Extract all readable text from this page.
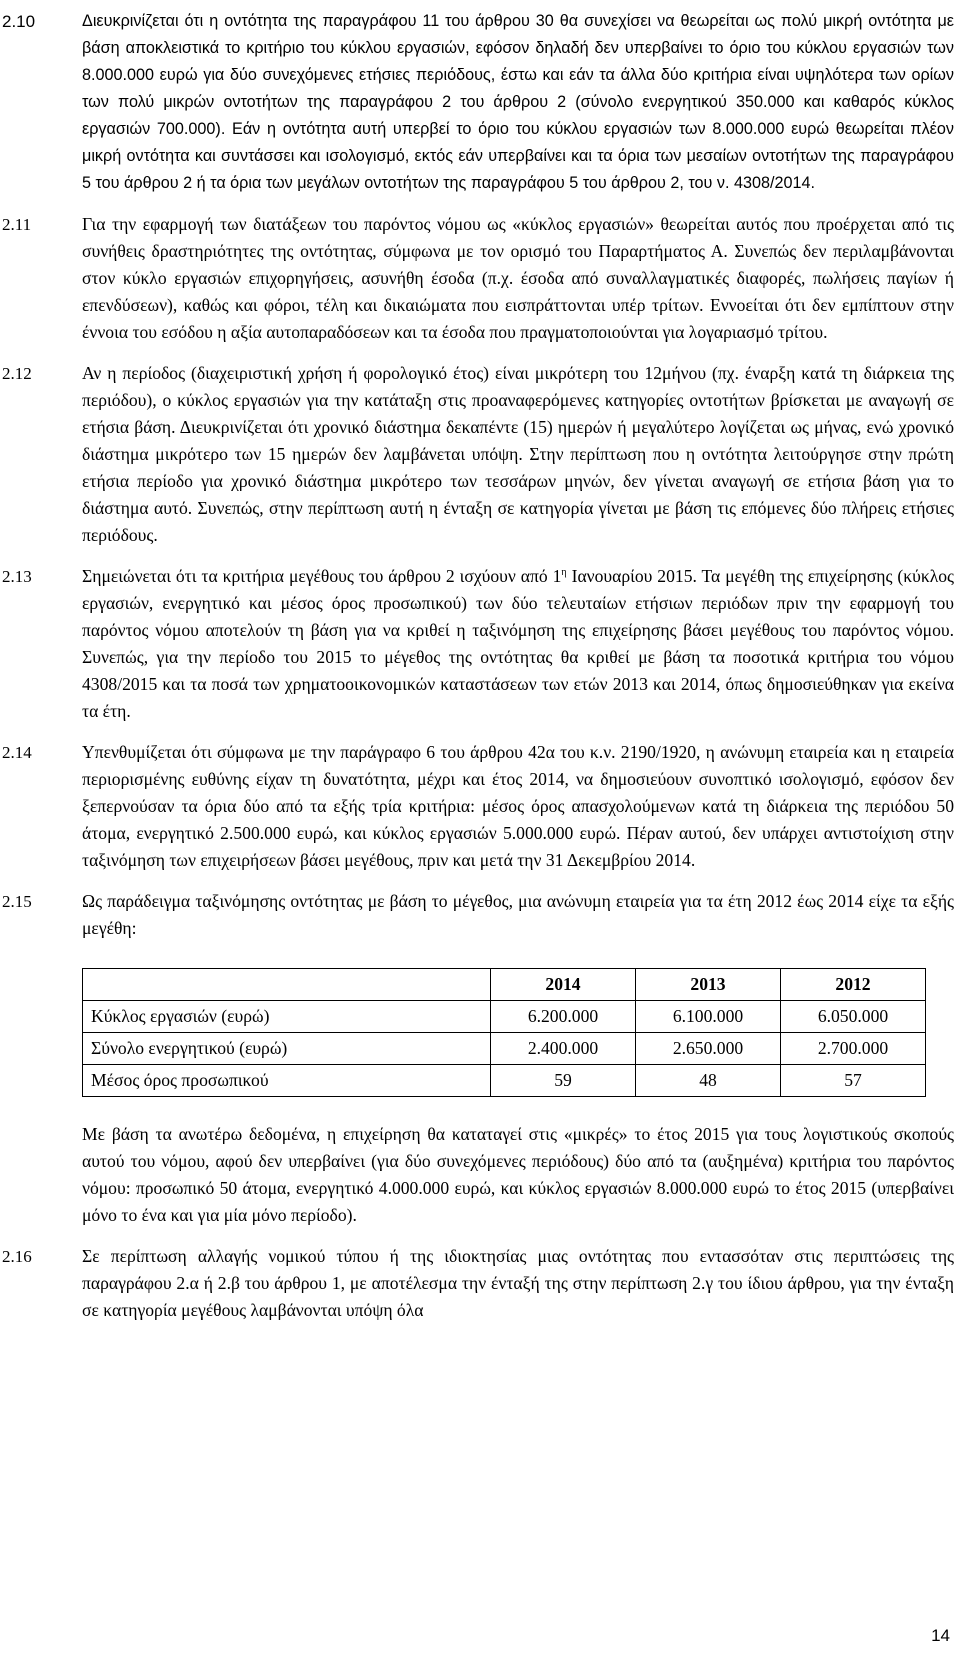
2.10	Διευκρινίζεται ότι η οντότητα της παραγράφου 11 του άρθρου 30 θα συνεχίσει να θεωρείται ως πολύ μικρή οντότητα με βάση αποκλειστικά το κριτήριο του κύκλου εργασιών, εφόσον δηλαδή δεν υπερβαίνει το όριο του κύκλου εργασιών των 8.000.000 ευρώ για δύο συνεχόμενες ετήσιες περιόδους, έστω και εάν τα άλλα δύο κριτήρια είναι υψηλότερα των ορίων των πολύ μικρών οντοτήτων της παραγράφου 2 του άρθρου 2 (σύνολο ενεργητικού 350.000 και καθαρός κύκλος εργασιών 700.000). Εάν η οντότητα αυτή υπερβεί το όριο του κύκλου εργασιών των 8.000.000 ευρώ θεωρείται πλέον μικρή οντότητα και συντάσσει και ισολογισμό, εκτός εάν υπερβαίνει και τα όρια των μεσαίων οντοτήτων της παραγράφου 5 του άρθρου 2 ή τα όρια των μεγάλων οντοτήτων της παραγράφου 5 του άρθρου 2, του ν. 4308/2014.

2.11	Για την εφαρμογή των διατάξεων του παρόντος νόμου ως «κύκλος εργασιών» θεωρείται αυτός που προέρχεται από τις συνήθεις δραστηριότητες της οντότητας, σύμφωνα με τον ορισμό του Παραρτήματος Α. Συνεπώς δεν περιλαμβάνονται στον κύκλο εργασιών επιχορηγήσεις, ασυνήθη έσοδα (π.χ. έσοδα από συναλλαγματικές διαφορές, πωλήσεις παγίων ή επενδύσεων), καθώς και φόροι, τέλη και δικαιώματα που εισπράττονται υπέρ τρίτων. Εννοείται ότι δεν εμπίπτουν στην έννοια του εσόδου η αξία αυτοπαραδόσεων και τα έσοδα που πραγματοποιούνται για λογαριασμό τρίτου.

2.12	Αν η περίοδος (διαχειριστική χρήση ή φορολογικό έτος) είναι μικρότερη του 12μήνου (πχ. έναρξη κατά τη διάρκεια της περιόδου), ο κύκλος εργασιών για την κατάταξη στις προαναφερόμενες κατηγορίες οντοτήτων βρίσκεται με αναγωγή σε ετήσια βάση. Διευκρινίζεται ότι χρονικό διάστημα δεκαπέντε (15) ημερών ή μεγαλύτερο λογίζεται ως μήνας, ενώ χρονικό διάστημα μικρότερο των 15 ημερών δεν λαμβάνεται υπόψη. Στην περίπτωση που η οντότητα λειτούργησε στην πρώτη ετήσια περίοδο για χρονικό διάστημα μικρότερο των τεσσάρων μηνών, δεν γίνεται αναγωγή σε ετήσια βάση για το διάστημα αυτό. Συνεπώς, στην περίπτωση αυτή η ένταξη σε κατηγορία γίνεται με βάση τις επόμενες δύο πλήρεις ετήσιες περιόδους.

2.13	Σημειώνεται ότι τα κριτήρια μεγέθους του άρθρου 2 ισχύουν από $1^\eta$ Ιανουαρίου 2015. Τα μεγέθη της επιχείρησης (κύκλος εργασιών, ενεργητικό και μέσος όρος προσωπικού) των δύο τελευταίων ετήσιων περιόδων πριν την εφαρμογή του παρόντος νόμου αποτελούν τη βάση για να κριθεί η ταξινόμηση της επιχείρησης βάσει μεγέθους του παρόντος νόμου. Συνεπώς, για την περίοδο του 2015 το μέγεθος της οντότητας θα κριθεί με βάση τα ποσοτικά κριτήρια του νόμου 4308/2015 και τα ποσά των χρηματοοικονομικών καταστάσεων των ετών 2013 και 2014, όπως δημοσιεύθηκαν για εκείνα τα έτη.

2.14	Υπενθυμίζεται ότι σύμφωνα με την παράγραφο 6 του άρθρου 42α του κ.ν. 2190/1920, η ανώνυμη εταιρεία και η εταιρεία περιορισμένης ευθύνης είχαν τη δυνατότητα, μέχρι και έτος 2014, να δημοσιεύουν συνοπτικό ισολογισμό, εφόσον δεν ξεπερνούσαν τα όρια δύο από τα εξής τρία κριτήρια: μέσος όρος απασχολούμενων κατά τη διάρκεια της περιόδου 50 άτομα, ενεργητικό 2.500.000 ευρώ, και κύκλος εργασιών 5.000.000 ευρώ. Πέραν αυτού, δεν υπάρχει αντιστοίχιση στην ταξινόμηση των επιχειρήσεων βάσει μεγέθους, πριν και μετά την 31 Δεκεμβρίου 2014.

2.15	Ως παράδειγμα ταξινόμησης οντότητας με βάση το μέγεθος, μια ανώνυμη εταιρεία για τα έτη 2012 έως 2014 είχε τα εξής μεγέθη:

	2014	2013	2012
Κύκλος εργασιών (ευρώ)	6.200.000	6.100.000	6.050.000
Σύνολο ενεργητικού (ευρώ)	2.400.000	2.650.000	2.700.000
Μέσος όρος προσωπικού	59	48	57

Με βάση τα ανωτέρω δεδομένα, η επιχείρηση θα καταταγεί στις «μικρές» το έτος 2015 για τους λογιστικούς σκοπούς αυτού του νόμου, αφού δεν υπερβαίνει (για δύο συνεχόμενες περιόδους) δύο από τα (αυξημένα) κριτήρια του παρόντος νόμου: προσωπικό 50 άτομα, ενεργητικό 4.000.000 ευρώ, και κύκλος εργασιών 8.000.000 ευρώ το έτος 2015 (υπερβαίνει μόνο το ένα και για μία μόνο περίοδο).

2.16	Σε περίπτωση αλλαγής νομικού τύπου ή της ιδιοκτησίας μιας οντότητας που εντασσόταν στις περιπτώσεις της παραγράφου 2.α ή 2.β του άρθρου 1, με αποτέλεσμα την ένταξή της στην περίπτωση 2.γ του ίδιου άρθρου, για την ένταξη σε κατηγορία μεγέθους λαμβάνονται υπόψη όλα

14
